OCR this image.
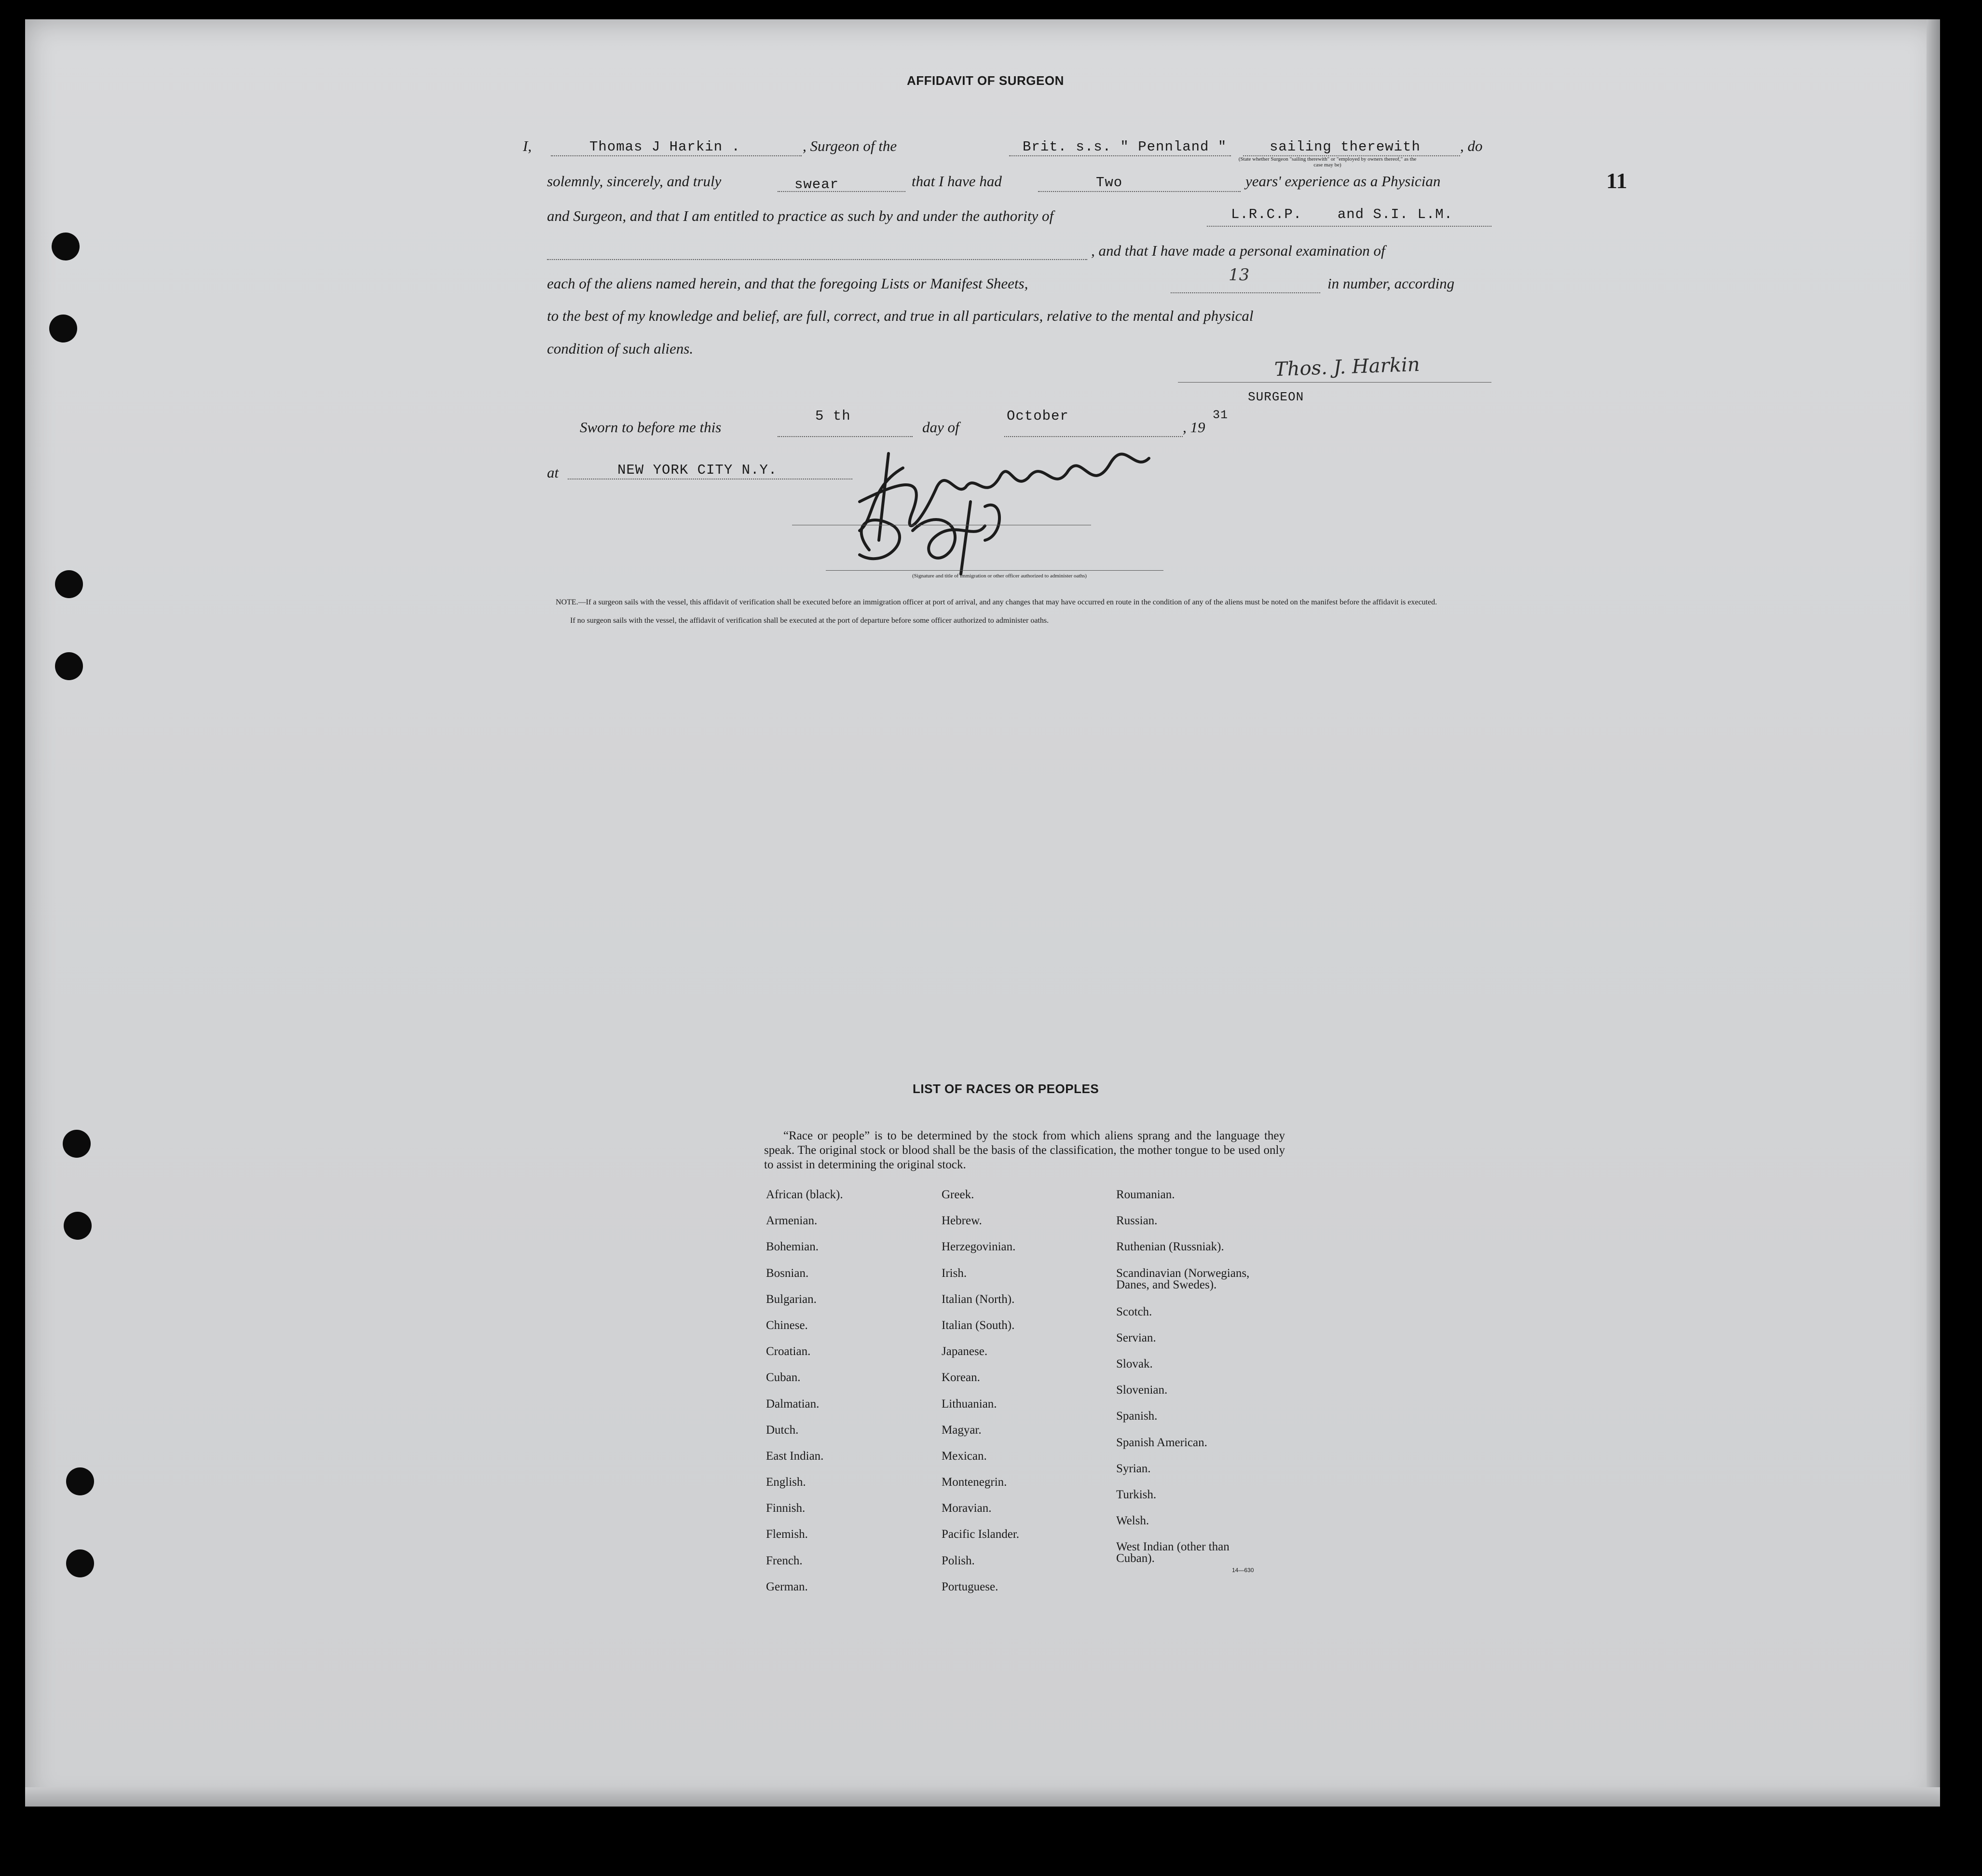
11
AFFIDAVIT OF SURGEON
I,	Thomas J Harkin .	, Surgeon of the	Brit. s.s. " Pennland "	sailing therewith	, do
(State whether Surgeon "sailing therewith" or "employed by owners thereof," as the case may be)
solemnly, sincerely, and truly	swear	that I have had	Two	years' experience as a Physician
and Surgeon, and that I am entitled to practice as such by and under the authority of	L.R.C.P.    and S.I. L.M.
, and that I have made a personal examination of
each of the aliens named herein, and that the foregoing Lists or Manifest Sheets,	13	in number, according
to the best of my knowledge and belief, are full, correct, and true in all particulars, relative to the mental and physical
condition of such aliens.
Thos. J. Harkin
SURGEON
Sworn to before me this
5 th
day of
October
, 19
31
at	NEW YORK CITY N.Y.
(Signature and title of immigration or other officer authorized to administer oaths)
NOTE.—If a surgeon sails with the vessel, this affidavit of verification shall be executed before an immigration officer at port of arrival, and any changes that may have occurred en route in the condition of any of the aliens must be noted on the manifest before the affidavit is executed.
If no surgeon sails with the vessel, the affidavit of verification shall be executed at the port of departure before some officer authorized to administer oaths.
LIST OF RACES OR PEOPLES
“Race or people” is to be determined by the stock from which aliens sprang and the language they speak. The original stock or blood shall be the basis of the classification, the mother tongue to be used only to assist in determining the original stock.
African (black).
Armenian.
Bohemian.
Bosnian.
Bulgarian.
Chinese.
Croatian.
Cuban.
Dalmatian.
Dutch.
East Indian.
English.
Finnish.
Flemish.
French.
German.
Greek.
Hebrew.
Herzegovinian.
Irish.
Italian (North).
Italian (South).
Japanese.
Korean.
Lithuanian.
Magyar.
Mexican.
Montenegrin.
Moravian.
Pacific Islander.
Polish.
Portuguese.
Roumanian.
Russian.
Ruthenian (Russniak).
Scandinavian (Norwegians,
Danes, and Swedes).
Scotch.
Servian.
Slovak.
Slovenian.
Spanish.
Spanish American.
Syrian.
Turkish.
Welsh.
West Indian (other than
Cuban).
14—630
